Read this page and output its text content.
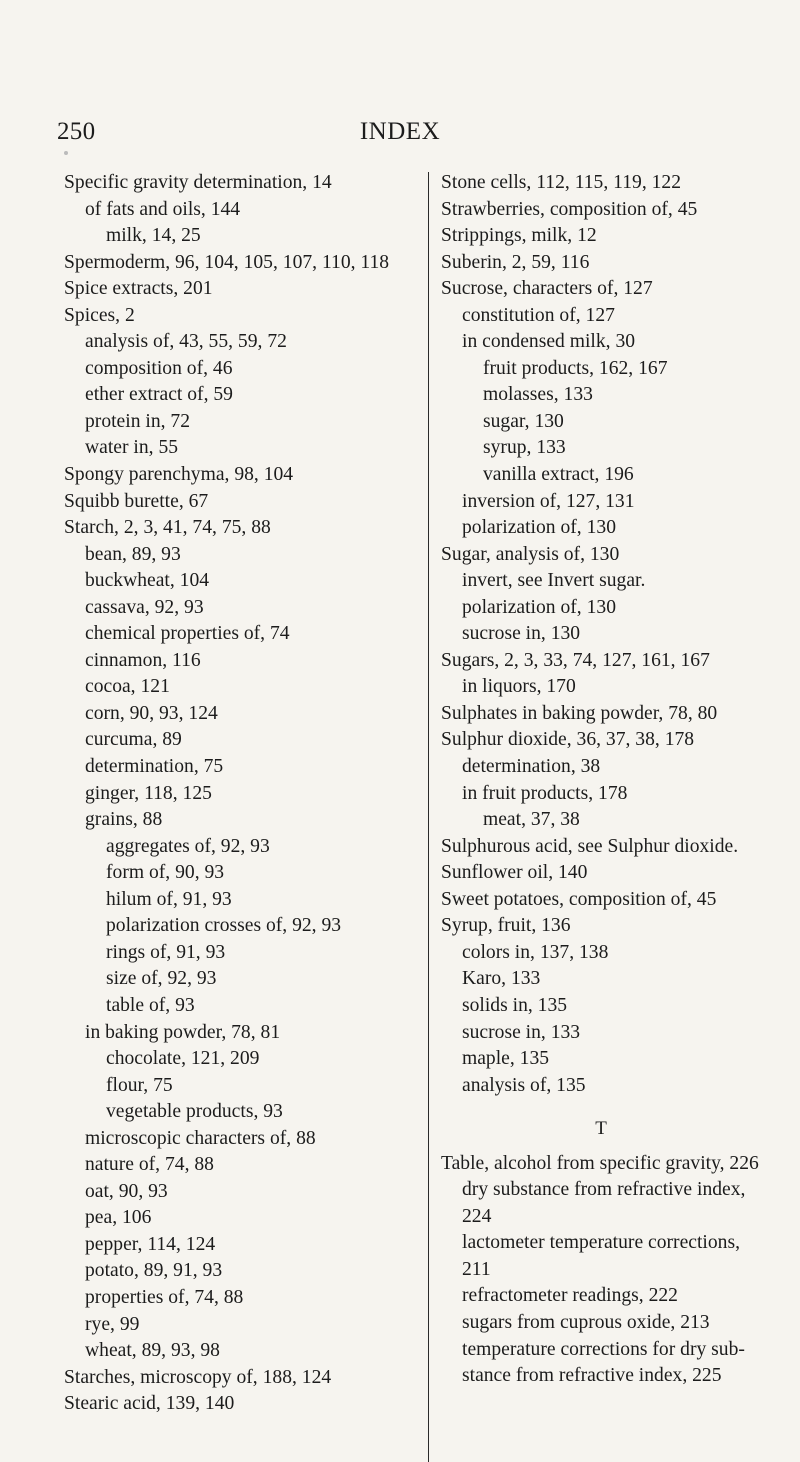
250	INDEX
Specific gravity determination, 14
of fats and oils, 144
milk, 14, 25
Spermoderm, 96, 104, 105, 107, 110, 118
Spice extracts, 201
Spices, 2
analysis of, 43, 55, 59, 72
composition of, 46
ether extract of, 59
protein in, 72
water in, 55
Spongy parenchyma, 98, 104
Squibb burette, 67
Starch, 2, 3, 41, 74, 75, 88
bean, 89, 93
buckwheat, 104
cassava, 92, 93
chemical properties of, 74
cinnamon, 116
cocoa, 121
corn, 90, 93, 124
curcuma, 89
determination, 75
ginger, 118, 125
grains, 88
aggregates of, 92, 93
form of, 90, 93
hilum of, 91, 93
polarization crosses of, 92, 93
rings of, 91, 93
size of, 92, 93
table of, 93
in baking powder, 78, 81
chocolate, 121, 209
flour, 75
vegetable products, 93
microscopic characters of, 88
nature of, 74, 88
oat, 90, 93
pea, 106
pepper, 114, 124
potato, 89, 91, 93
properties of, 74, 88
rye, 99
wheat, 89, 93, 98
Starches, microscopy of, 188, 124
Stearic acid, 139, 140
Stone cells, 112, 115, 119, 122
Strawberries, composition of, 45
Strippings, milk, 12
Suberin, 2, 59, 116
Sucrose, characters of, 127
constitution of, 127
in condensed milk, 30
fruit products, 162, 167
molasses, 133
sugar, 130
syrup, 133
vanilla extract, 196
inversion of, 127, 131
polarization of, 130
Sugar, analysis of, 130
invert, see Invert sugar.
polarization of, 130
sucrose in, 130
Sugars, 2, 3, 33, 74, 127, 161, 167
in liquors, 170
Sulphates in baking powder, 78, 80
Sulphur dioxide, 36, 37, 38, 178
determination, 38
in fruit products, 178
meat, 37, 38
Sulphurous acid, see Sulphur dioxide.
Sunflower oil, 140
Sweet potatoes, composition of, 45
Syrup, fruit, 136
colors in, 137, 138
Karo, 133
solids in, 135
sucrose in, 133
maple, 135
analysis of, 135
T
Table, alcohol from specific gravity, 226
dry substance from refractive index,
224
lactometer temperature corrections,
211
refractometer readings, 222
sugars from cuprous oxide, 213
temperature corrections for dry sub-
stance from refractive index, 225
